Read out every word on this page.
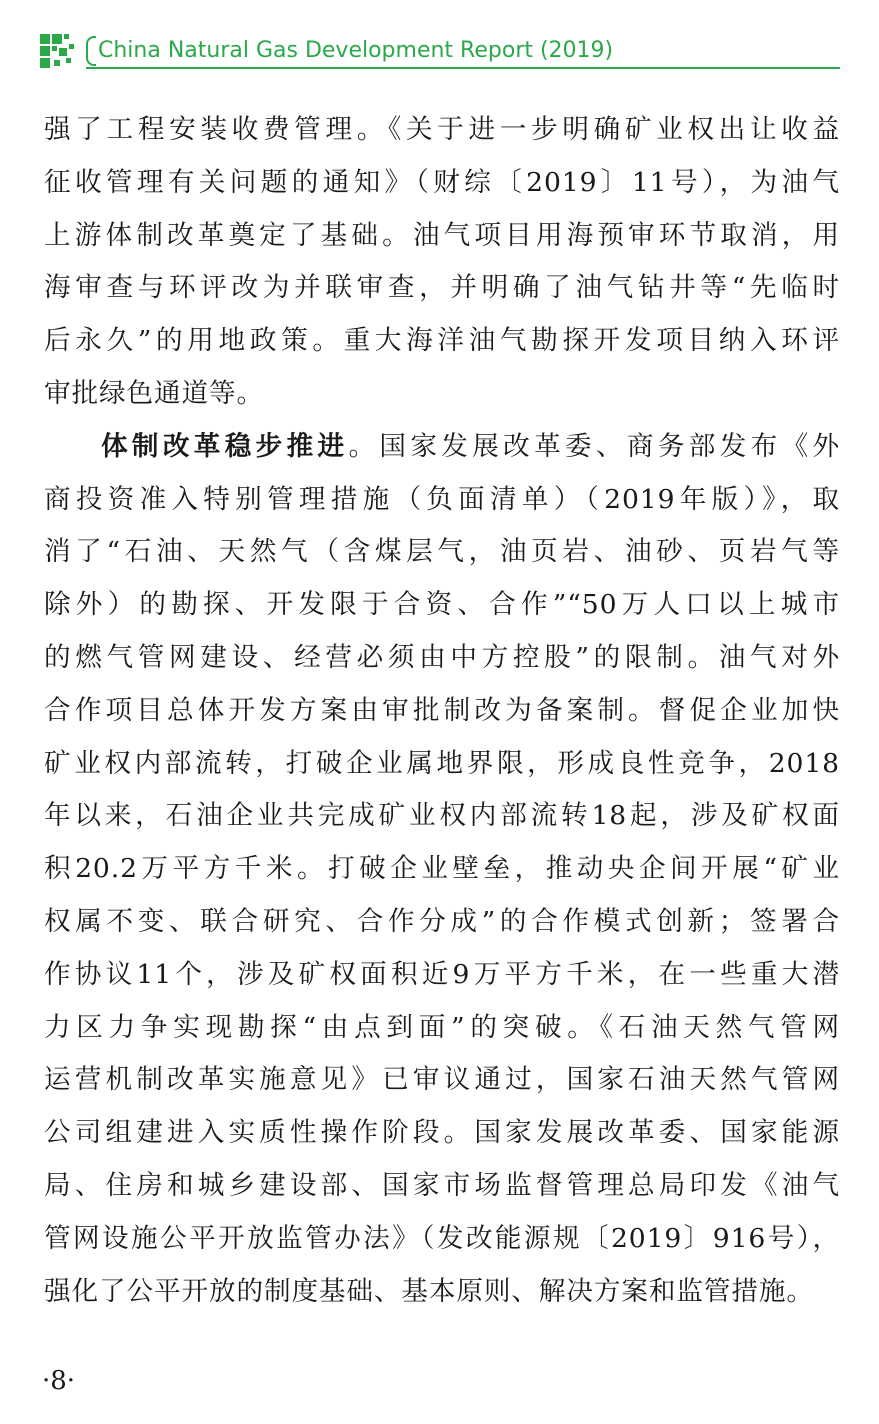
China Natural Gas Development Report (2019)
强了工程安装收费管理。《关于进一步明确矿业权出让收益
征收管理有关问题的通知》（财综〔2019〕11号），为油气
上游体制改革奠定了基础。油气项目用海预审环节取消，用
海审查与环评改为并联审查，并明确了油气钻井等“先临时
后永久”的用地政策。重大海洋油气勘探开发项目纳入环评
审批绿色通道等。
体制改革稳步推进。国家发展改革委、商务部发布《外
商投资准入特别管理措施（负面清单）（2019年版）》，取
消了“石油、天然气（含煤层气，油页岩、油砂、页岩气等
除外）的勘探、开发限于合资、合作”“50万人口以上城市
的燃气管网建设、经营必须由中方控股”的限制。油气对外
合作项目总体开发方案由审批制改为备案制。督促企业加快
矿业权内部流转，打破企业属地界限，形成良性竞争，2018
年以来，石油企业共完成矿业权内部流转18起，涉及矿权面
积20.2万平方千米。打破企业壁垒，推动央企间开展“矿业
权属不变、联合研究、合作分成”的合作模式创新；签署合
作协议11个，涉及矿权面积近9万平方千米，在一些重大潜
力区力争实现勘探“由点到面”的突破。《石油天然气管网
运营机制改革实施意见》已审议通过，国家石油天然气管网
公司组建进入实质性操作阶段。国家发展改革委、国家能源
局、住房和城乡建设部、国家市场监督管理总局印发《油气
管网设施公平开放监管办法》（发改能源规〔2019〕916号），
强化了公平开放的制度基础、基本原则、解决方案和监管措施。
·8·
